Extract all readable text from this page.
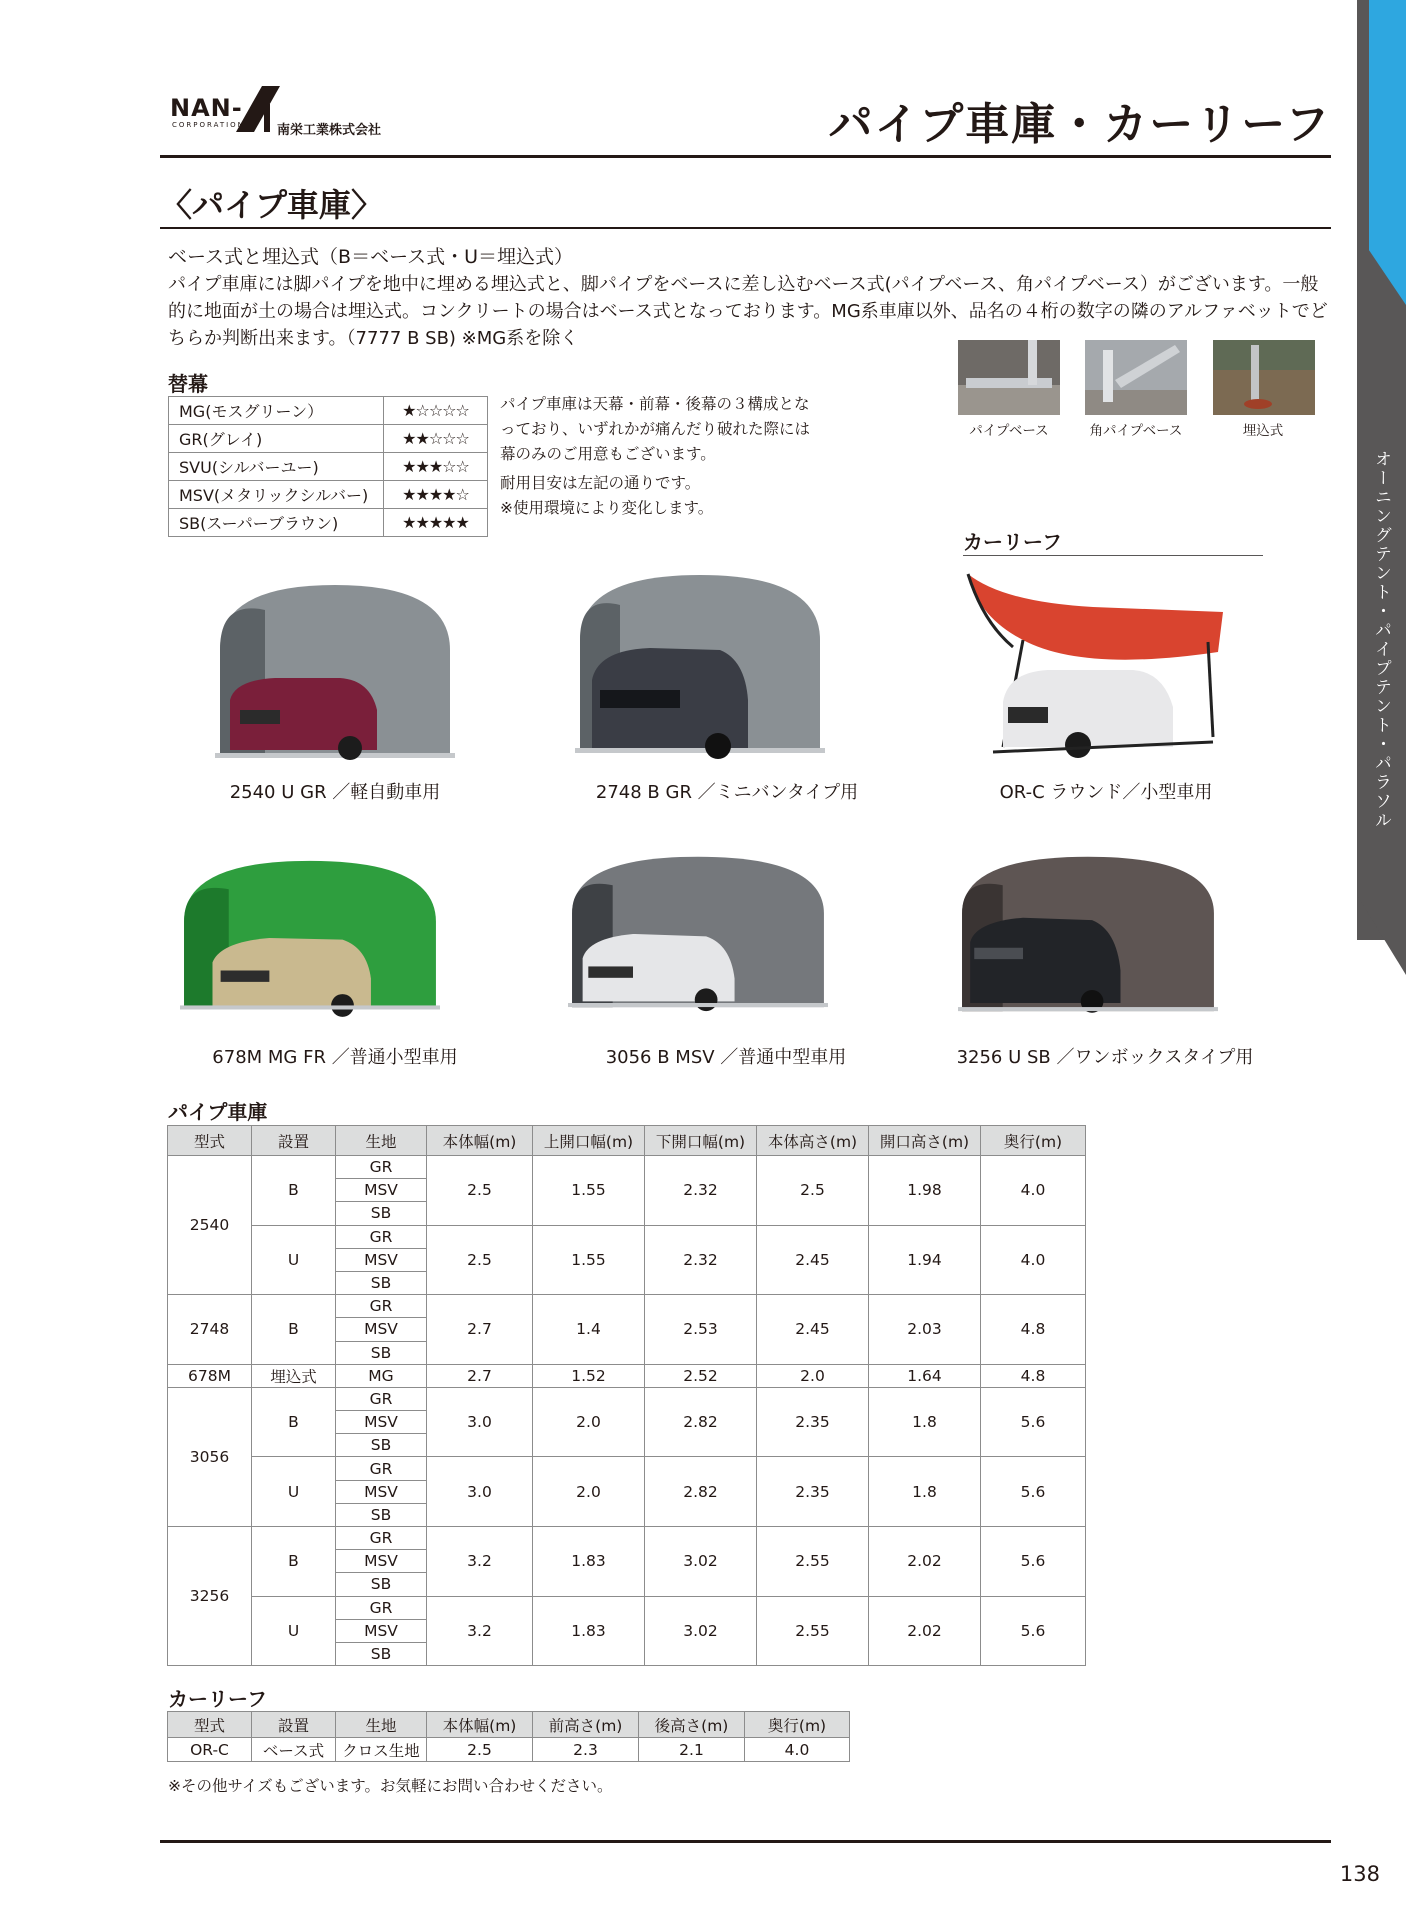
オーニングテント・パイプテント・パラソル
NAN-
CORPORATION 南栄工業株式会社	パイプ車庫・カーリーフ
〈パイプ車庫〉
ベース式と埋込式（B＝ベース式・U＝埋込式）
パイプ車庫には脚パイプを地中に埋める埋込式と、脚パイプをベースに差し込むベース式(パイプベース、角パイプベース）がございます。一般的に地面が土の場合は埋込式。コンクリートの場合はベース式となっております。MG系車庫以外、品名の４桁の数字の隣のアルファベットでどちらか判断出来ます。（7777 B SB) ※MG系を除く
替幕
MG(モスグリーン）	★☆☆☆☆
GR(グレイ)	★★☆☆☆
SVU(シルバーユー)	★★★☆☆
MSV(メタリックシルバー)	★★★★☆
SB(スーパーブラウン)	★★★★★
パイプ車庫は天幕・前幕・後幕の３構成となっており、いずれかが痛んだり破れた際には幕のみのご用意もございます。
耐用目安は左記の通りです。
※使用環境により変化します。
パイプベース	角パイプベース	埋込式
カーリーフ
2540 U GR ／軽自動車用	2748 B GR ／ミニバンタイプ用	OR-C ラウンド／小型車用
678M MG FR ／普通小型車用	3056 B MSV ／普通中型車用	3256 U SB ／ワンボックスタイプ用
パイプ車庫
型式	設置	生地	本体幅(m)	上開口幅(m)	下開口幅(m)	本体高さ(m)	開口高さ(m)	奥行(m)
2540	B	GR	2.5	1.55	2.32	2.5	1.98	4.0
		MSV						
		SB						
	U	GR	2.5	1.55	2.32	2.45	1.94	4.0
		MSV						
		SB						
2748	B	GR	2.7	1.4	2.53	2.45	2.03	4.8
		MSV						
		SB						
678M	埋込式	MG	2.7	1.52	2.52	2.0	1.64	4.8
3056	B	GR	3.0	2.0	2.82	2.35	1.8	5.6
		MSV						
		SB						
	U	GR	3.0	2.0	2.82	2.35	1.8	5.6
		MSV						
		SB						
3256	B	GR	3.2	1.83	3.02	2.55	2.02	5.6
		MSV						
		SB						
	U	GR	3.2	1.83	3.02	2.55	2.02	5.6
		MSV						
		SB						
カーリーフ
型式	設置	生地	本体幅(m)	前高さ(m)	後高さ(m)	奥行(m)
OR-C	ベース式	クロス生地	2.5	2.3	2.1	4.0
※その他サイズもございます。お気軽にお問い合わせください。
138
